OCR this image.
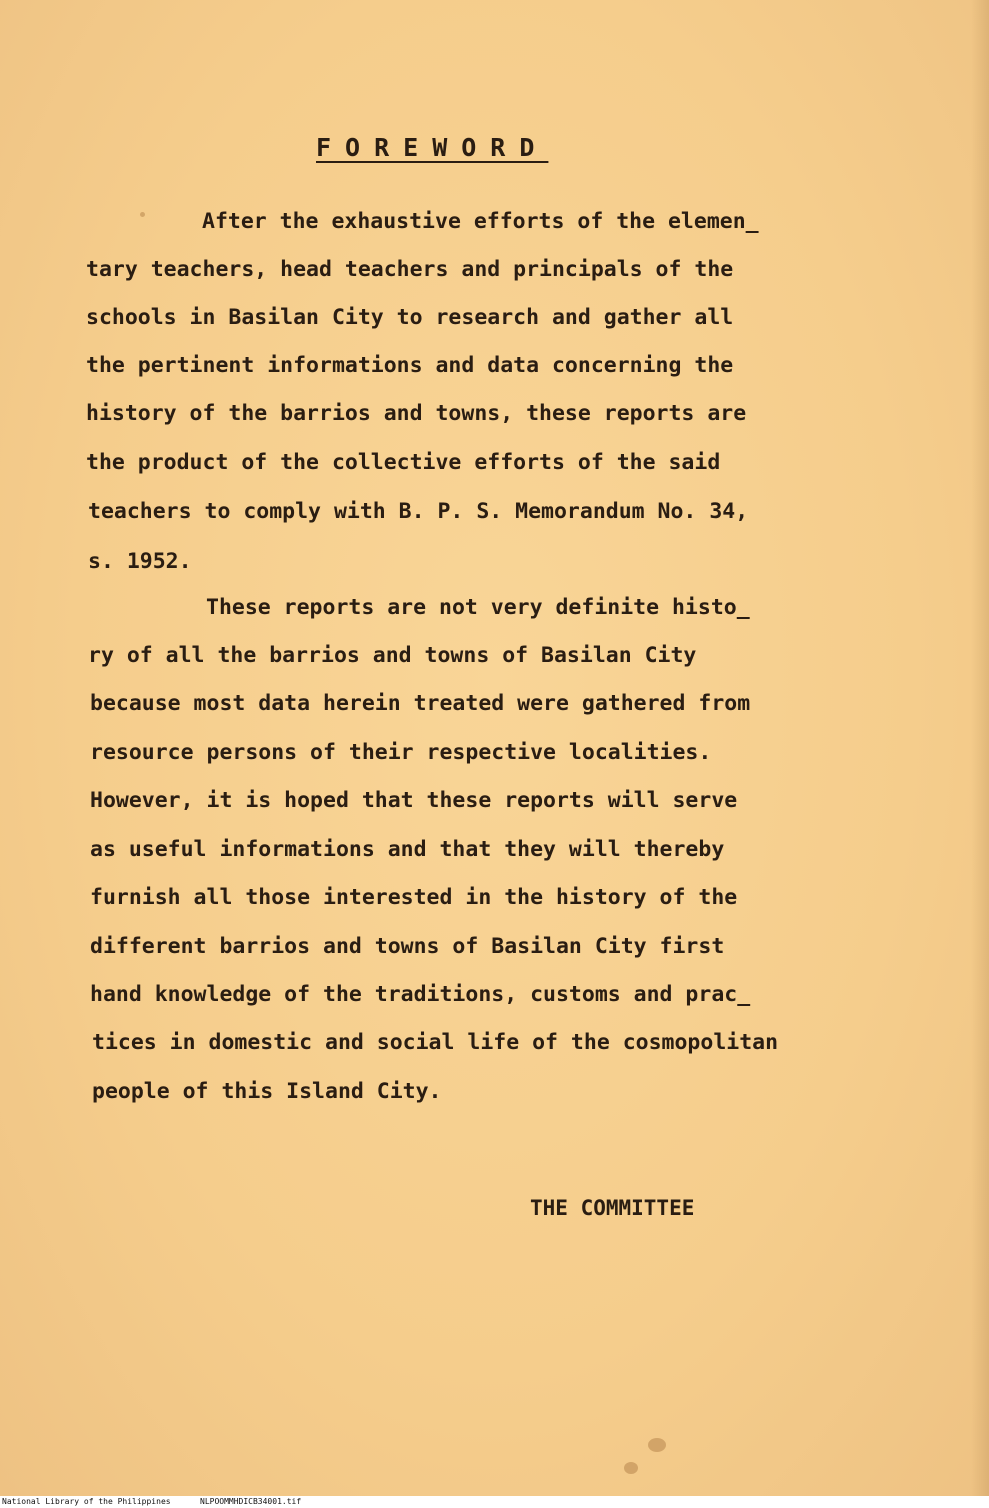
FOREWORD

After the exhaustive efforts of the elemen_

tary teachers, head teachers and principals of the

schools in Basilan City to research and gather all

the pertinent informations and data concerning the

history of the barrios and towns, these reports are

the product of the collective efforts of the said

teachers to comply with B. P. S. Memorandum No. 34,

s. 1952.

These reports are not very definite histo_

ry of all the barrios and towns of Basilan City

because most data herein treated were gathered from

resource persons of their respective localities.

However, it is hoped that these reports will serve

as useful informations and that they will thereby

furnish all those interested in the history of the

different barrios and towns of Basilan City first

hand knowledge of the traditions, customs and prac_

tices in domestic and social life of the cosmopolitan

people of this Island City.

THE COMMITTEE

National Library of the Philippines	NLPOOMMHDICB34001.tif
